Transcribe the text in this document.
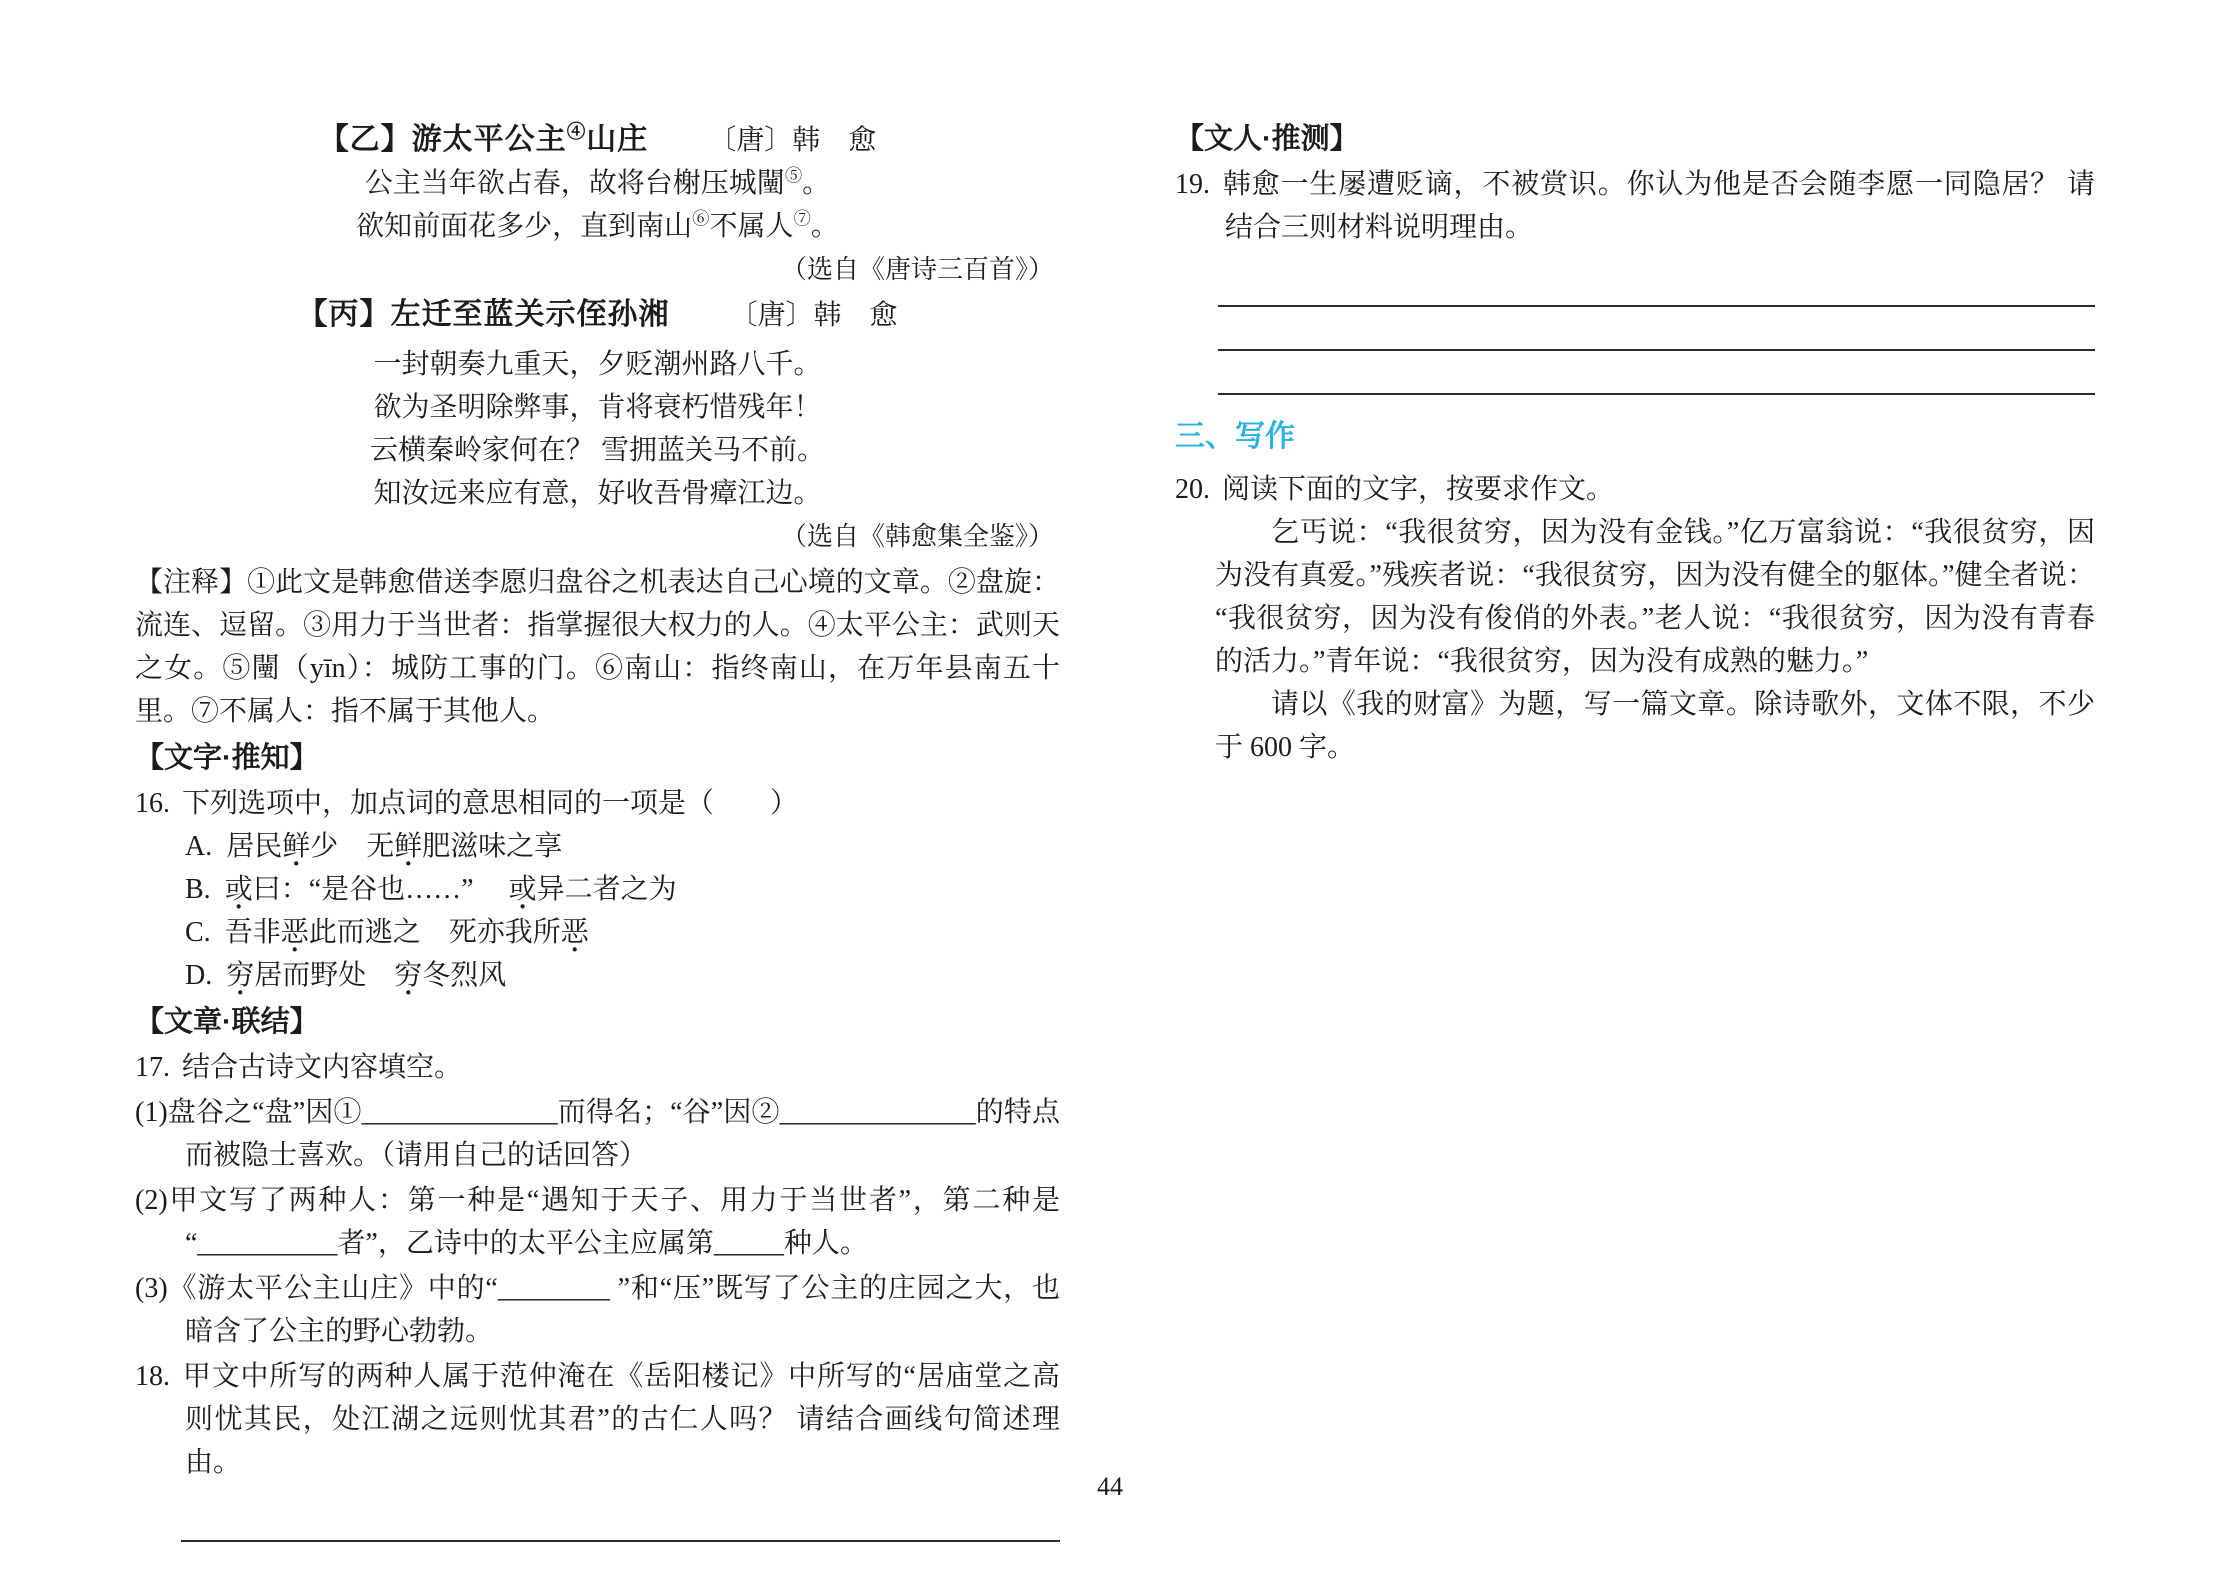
【乙】游太平公主④山庄 〔唐〕韩　愈
公主当年欲占春，故将台榭压城闉⑤。
欲知前面花多少，直到南山⑥不属人⑦。
（选自《唐诗三百首》）
【丙】左迁至蓝关示侄孙湘 〔唐〕韩　愈
一封朝奏九重天，夕贬潮州路八千。
欲为圣明除弊事，肯将衰朽惜残年！
云横秦岭家何在？ 雪拥蓝关马不前。
知汝远来应有意，好收吾骨瘴江边。
（选自《韩愈集全鉴》）
【注释】①此文是韩愈借送李愿归盘谷之机表达自己心境的文章。②盘旋：流连、逗留。③用力于当世者：指掌握很大权力的人。④太平公主：武则天之女。⑤闉（yīn）：城防工事的门。⑥南山：指终南山，在万年县南五十里。⑦不属人：指不属于其他人。
【文字·推知】
16. 下列选项中，加点词的意思相同的一项是（　　）
A. 居民鲜少　无鲜肥滋味之享
B. 或曰：“是谷也……”　 或异二者之为
C. 吾非恶此而逃之　死亦我所恶
D. 穷居而野处　穷冬烈风
【文章·联结】
17. 结合古诗文内容填空。
(1)盘谷之“盘”因①______________而得名；“谷”因②______________的特点而被隐士喜欢。（请用自己的话回答）
(2)甲文写了两种人：第一种是“遇知于天子、用力于当世者”，第二种是“__________者”，乙诗中的太平公主应属第_____种人。
(3)《游太平公主山庄》中的“________ ”和“压”既写了公主的庄园之大，也暗含了公主的野心勃勃。
18. 甲文中所写的两种人属于范仲淹在《岳阳楼记》中所写的“居庙堂之高则忧其民，处江湖之远则忧其君”的古仁人吗？ 请结合画线句简述理由。
【文人·推测】
19. 韩愈一生屡遭贬谪，不被赏识。你认为他是否会随李愿一同隐居？ 请结合三则材料说明理由。
三、写作
20. 阅读下面的文字，按要求作文。
乞丐说：“我很贫穷，因为没有金钱。”亿万富翁说：“我很贫穷，因为没有真爱。”残疾者说：“我很贫穷，因为没有健全的躯体。”健全者说：“我很贫穷，因为没有俊俏的外表。”老人说：“我很贫穷，因为没有青春的活力。”青年说：“我很贫穷，因为没有成熟的魅力。”
请以《我的财富》为题，写一篇文章。除诗歌外，文体不限，不少于 600 字。
44
